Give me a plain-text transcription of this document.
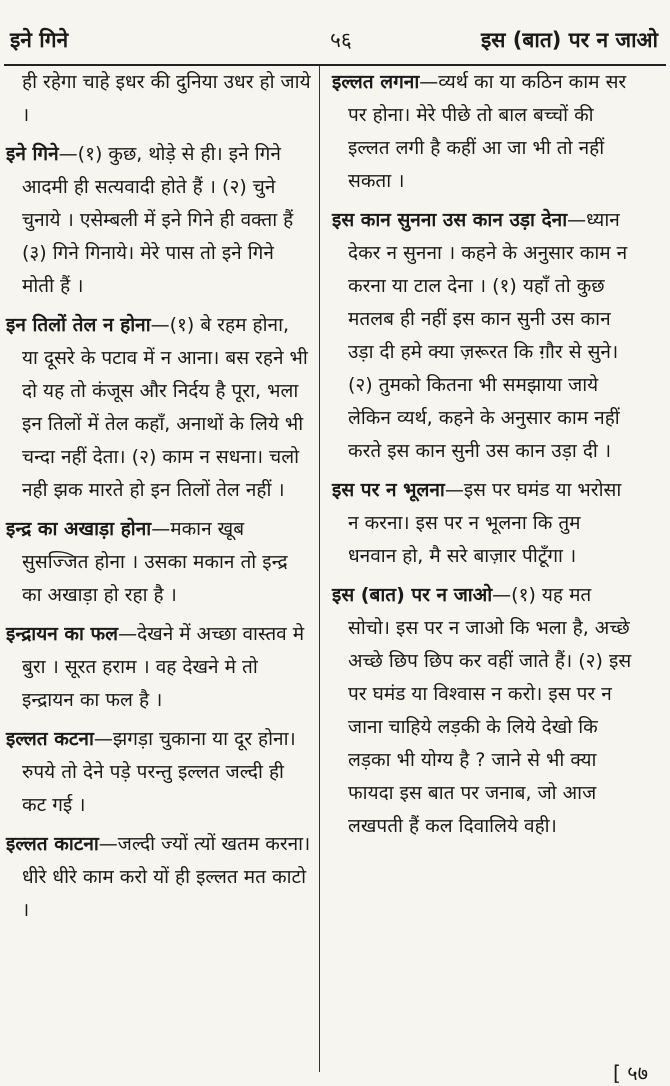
इने गिने	५६	इस (बात) पर न जाओ

ही रहेगा चाहे इधर की दुनिया उधर हो जाये ।

इने गिने—(१) कुछ, थोड़े से ही। इने गिने आदमी ही सत्यवादी होते हैं । (२) चुने चुनाये । एसेम्बली में इने गिने ही वक्ता हैं (३) गिने गिनाये। मेरे पास तो इने गिने मोती हैं ।

इन तिलों तेल न होना—(१) बे रहम होना, या दूसरे के पटाव में न आना। बस रहने भी दो यह तो कंजूस और निर्दय है पूरा, भला इन तिलों में तेल कहाँ, अनाथों के लिये भी चन्दा नहीं देता। (२) काम न सधना। चलो नही झक मारते हो इन तिलों तेल नहीं ।

इन्द्र का अखाड़ा होना—मकान खूब सुसज्जित होना । उसका मकान तो इन्द्र का अखाड़ा हो रहा है ।

इन्द्रायन का फल—देखने में अच्छा वास्तव मे बुरा । सूरत हराम । वह देखने मे तो इन्द्रायन का फल है ।

इल्लत कटना—झगड़ा चुकाना या दूर होना। रुपये तो देने पड़े परन्तु इल्लत जल्दी ही कट गई ।

इल्लत काटना—जल्दी ज्यों त्यों खतम करना। धीरे धीरे काम करो यों ही इल्लत मत काटो ।

इल्लत लगना—व्यर्थ का या कठिन काम सर पर होना। मेरे पीछे तो बाल बच्चों की इल्लत लगी है कहीं आ जा भी तो नहीं सकता ।

इस कान सुनना उस कान उड़ा देना—ध्यान देकर न सुनना । कहने के अनुसार काम न करना या टाल देना । (१) यहाँ तो कुछ मतलब ही नहीं इस कान सुनी उस कान उड़ा दी हमे क्या ज़रूरत कि ग़ौर से सुने। (२) तुमको कितना भी समझाया जाये लेकिन व्यर्थ, कहने के अनुसार काम नहीं करते इस कान सुनी उस कान उड़ा दी ।

इस पर न भूलना—इस पर घमंड या भरोसा न करना। इस पर न भूलना कि तुम धनवान हो, मै सरे बाज़ार पीटूँगा ।

इस (बात) पर न जाओ—(१) यह मत सोचो। इस पर न जाओ कि भला है, अच्छे अच्छे छिप छिप कर वहीं जाते हैं। (२) इस पर घमंड या विश्वास न करो। इस पर न जाना चाहिये लड़की के लिये देखो कि लड़का भी योग्य है ? जाने से भी क्या फायदा इस बात पर जनाब, जो आज लखपती हैं कल दिवालिये वही।

[ ५७
